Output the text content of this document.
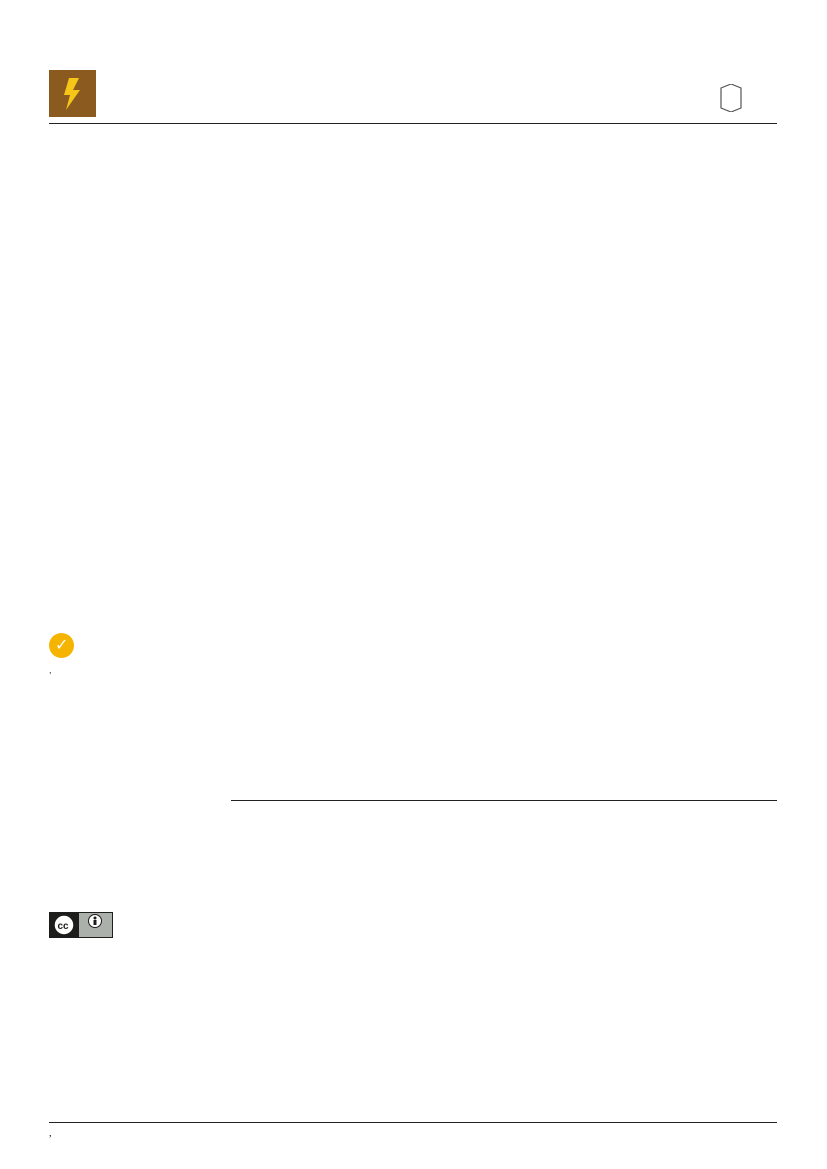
✓
,
cc
,
